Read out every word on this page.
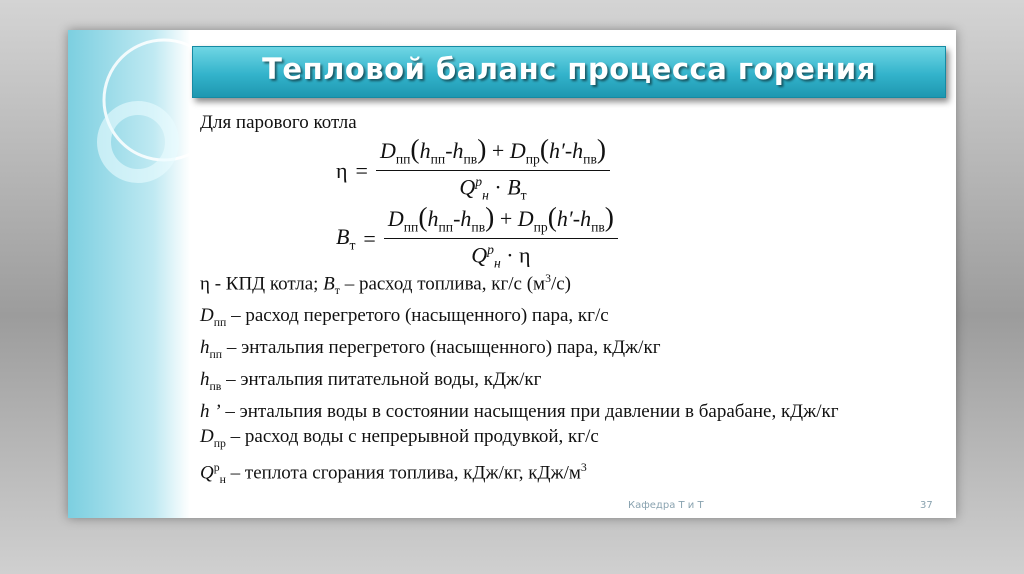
Тепловой баланс процесса горения
Для парового котла
$\eta = \frac{D_{пп}(h_{пп}-h_{пв}) + D_{пр}(h'-h_{пв})}{Q^p_н \cdot B_т}$
$B_т = \frac{D_{пп}(h_{пп}-h_{пв}) + D_{пр}(h'-h_{пв})}{Q^p_н \cdot \eta}$
η - КПД котла; $B_т$ – расход топлива, кг/с $(м^3/с)$
$D_{пп}$ – расход перегретого (насыщенного) пара, кг/с
$h_{пп}$ – энтальпия перегретого (насыщенного) пара, кДж/кг
$h_{пв}$ – энтальпия питательной воды, кДж/кг
h ’ – энтальпия воды в состоянии насыщения при давлении в барабане, кДж/кг
$D_{пр}$ – расход воды с непрерывной продувкой, кг/с
$Q^р_н$ – теплота сгорания топлива, кДж/кг, кДж/$м^3$
Кафедра Т и Т	37
